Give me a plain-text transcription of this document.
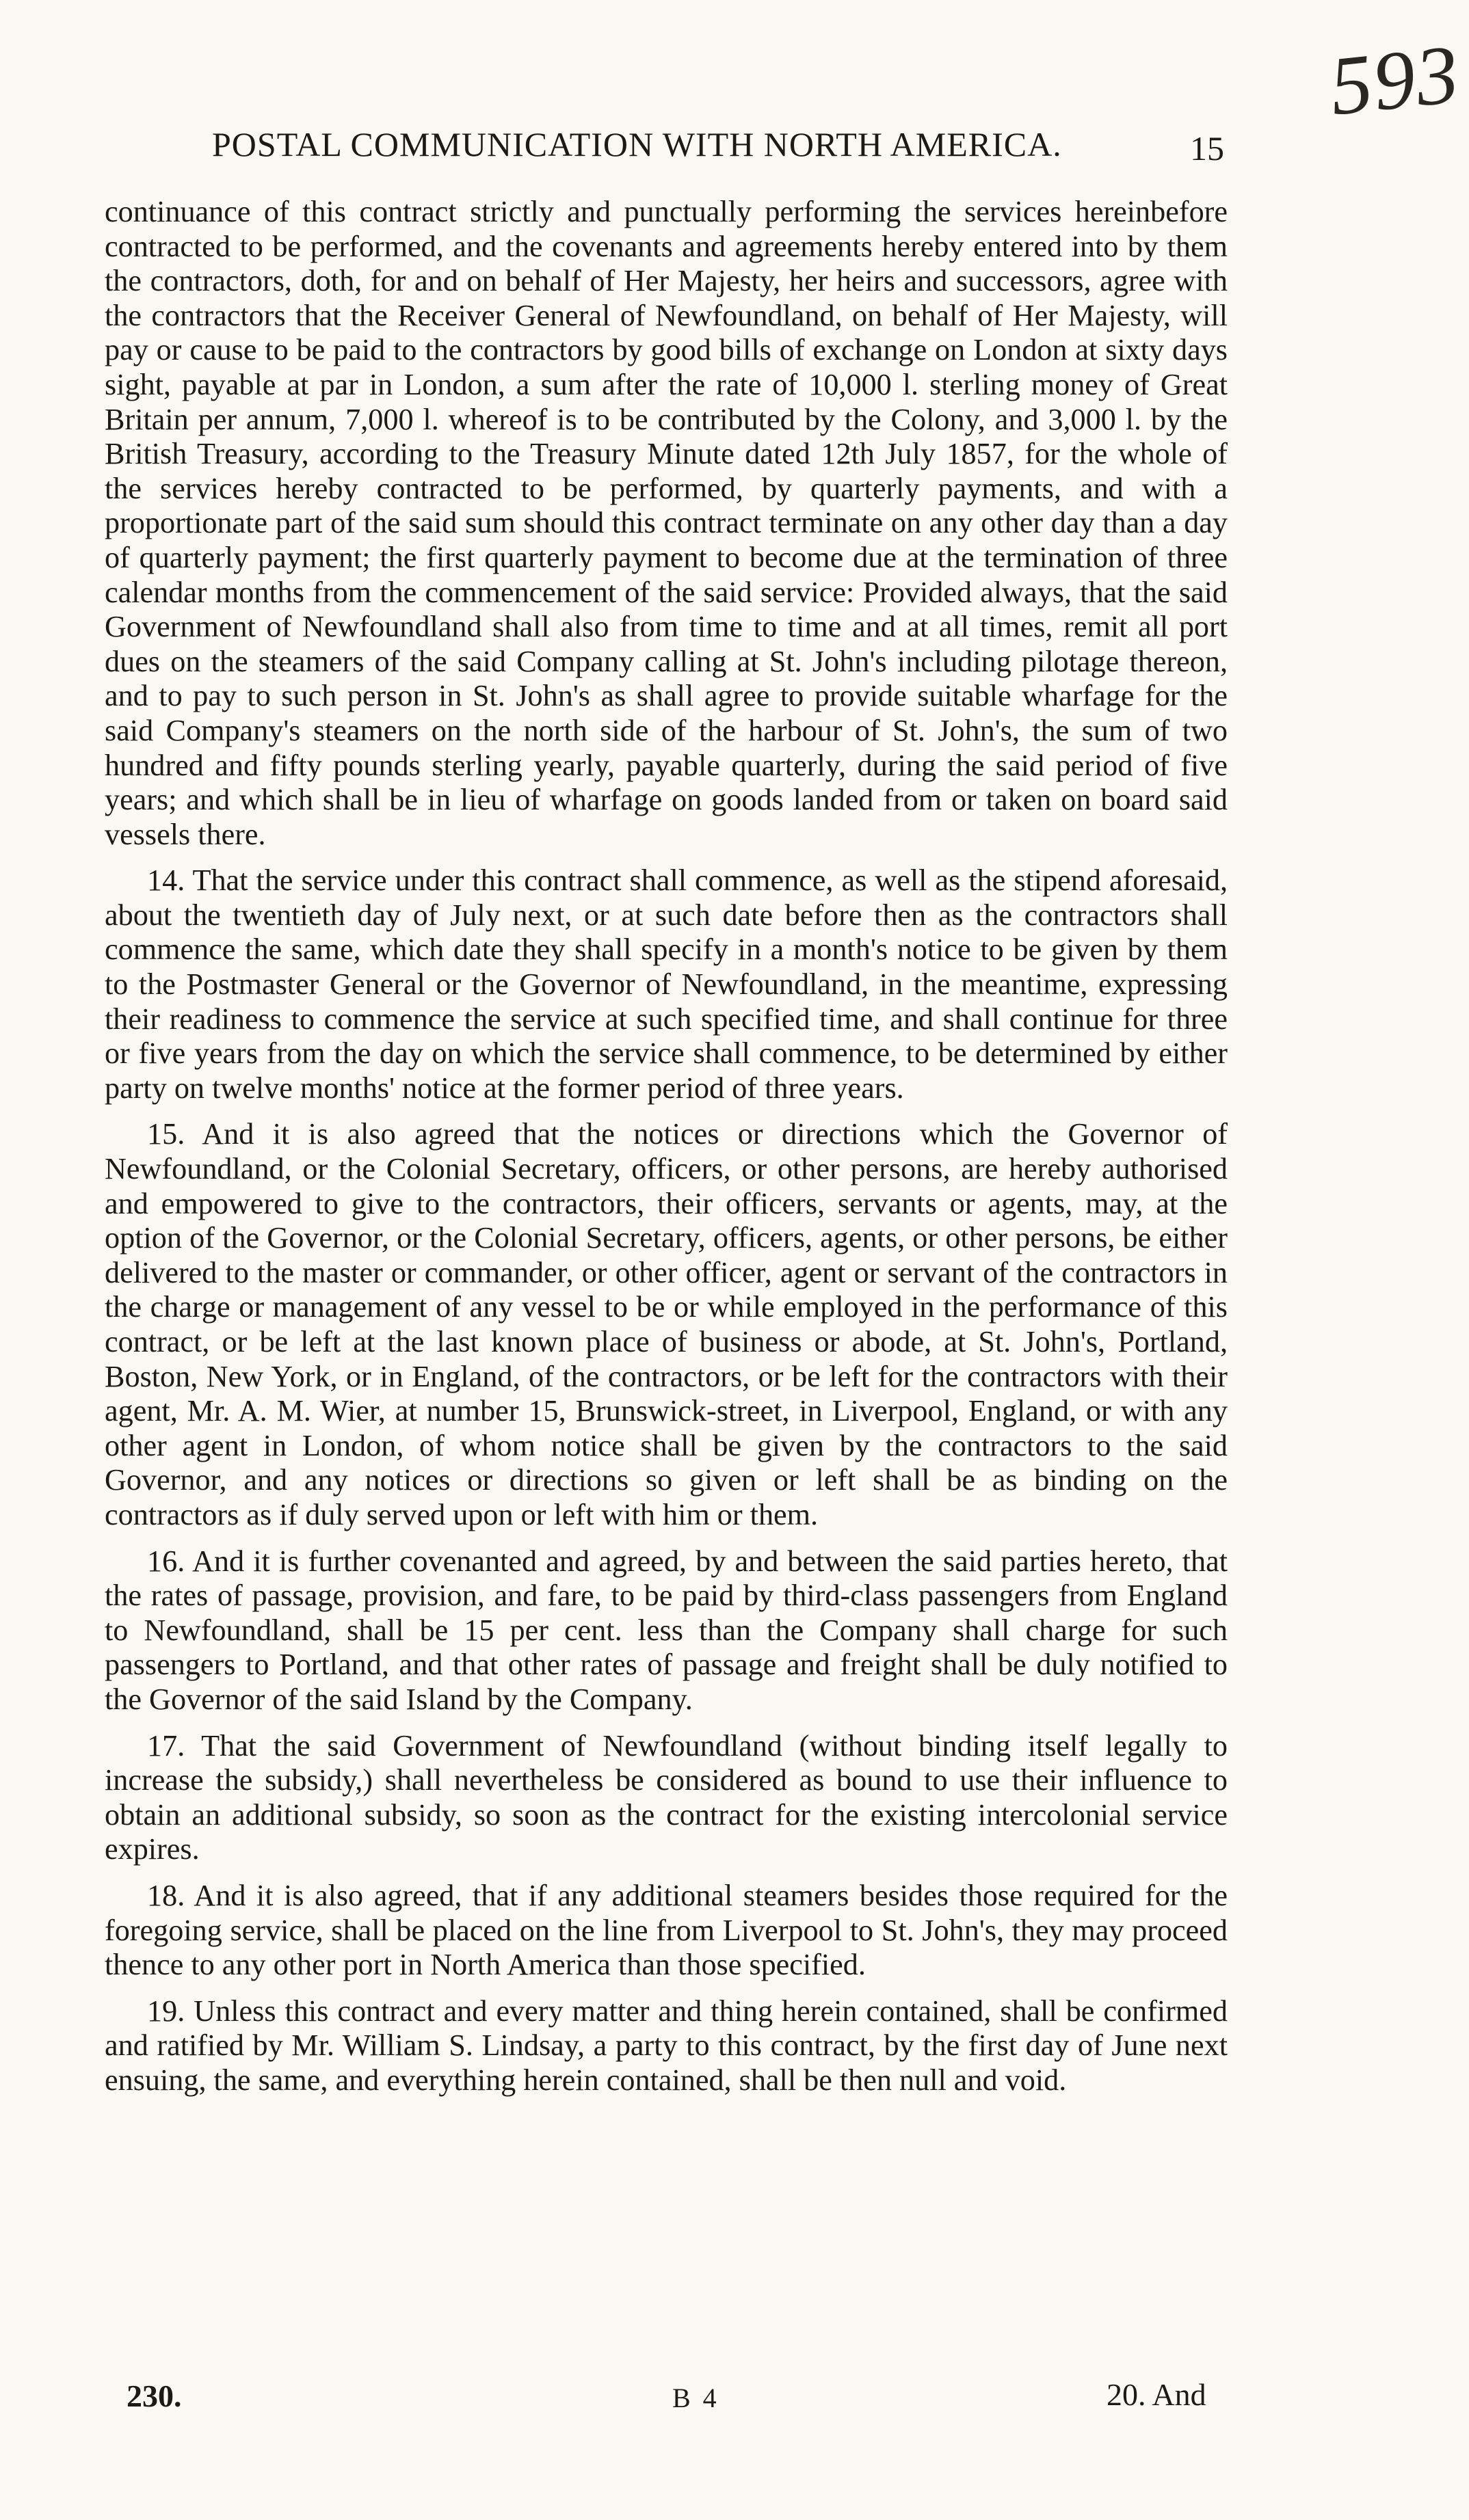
593
POSTAL COMMUNICATION WITH NORTH AMERICA.	15

continuance of this contract strictly and punctually performing the services hereinbefore contracted to be performed, and the covenants and agreements hereby entered into by them the contractors, doth, for and on behalf of Her Majesty, her heirs and successors, agree with the contractors that the Receiver General of Newfoundland, on behalf of Her Majesty, will pay or cause to be paid to the contractors by good bills of exchange on London at sixty days sight, payable at par in London, a sum after the rate of 10,000 l. sterling money of Great Britain per annum, 7,000 l. whereof is to be contributed by the Colony, and 3,000 l. by the British Treasury, according to the Treasury Minute dated 12th July 1857, for the whole of the services hereby contracted to be performed, by quarterly payments, and with a proportionate part of the said sum should this contract terminate on any other day than a day of quarterly payment; the first quarterly payment to become due at the termination of three calendar months from the commencement of the said service: Provided always, that the said Government of Newfoundland shall also from time to time and at all times, remit all port dues on the steamers of the said Company calling at St. John's including pilotage thereon, and to pay to such person in St. John's as shall agree to provide suitable wharfage for the said Company's steamers on the north side of the harbour of St. John's, the sum of two hundred and fifty pounds sterling yearly, payable quarterly, during the said period of five years; and which shall be in lieu of wharfage on goods landed from or taken on board said vessels there.

14. That the service under this contract shall commence, as well as the stipend aforesaid, about the twentieth day of July next, or at such date before then as the contractors shall commence the same, which date they shall specify in a month's notice to be given by them to the Postmaster General or the Governor of Newfoundland, in the meantime, expressing their readiness to commence the service at such specified time, and shall continue for three or five years from the day on which the service shall commence, to be determined by either party on twelve months' notice at the former period of three years.

15. And it is also agreed that the notices or directions which the Governor of Newfoundland, or the Colonial Secretary, officers, or other persons, are hereby authorised and empowered to give to the contractors, their officers, servants or agents, may, at the option of the Governor, or the Colonial Secretary, officers, agents, or other persons, be either delivered to the master or commander, or other officer, agent or servant of the contractors in the charge or management of any vessel to be or while employed in the performance of this contract, or be left at the last known place of business or abode, at St. John's, Portland, Boston, New York, or in England, of the contractors, or be left for the contractors with their agent, Mr. A. M. Wier, at number 15, Brunswick-street, in Liverpool, England, or with any other agent in London, of whom notice shall be given by the contractors to the said Governor, and any notices or directions so given or left shall be as binding on the contractors as if duly served upon or left with him or them.

16. And it is further covenanted and agreed, by and between the said parties hereto, that the rates of passage, provision, and fare, to be paid by third-class passengers from England to Newfoundland, shall be 15 per cent. less than the Company shall charge for such passengers to Portland, and that other rates of passage and freight shall be duly notified to the Governor of the said Island by the Company.

17. That the said Government of Newfoundland (without binding itself legally to increase the subsidy,) shall nevertheless be considered as bound to use their influence to obtain an additional subsidy, so soon as the contract for the existing intercolonial service expires.

18. And it is also agreed, that if any additional steamers besides those required for the foregoing service, shall be placed on the line from Liverpool to St. John's, they may proceed thence to any other port in North America than those specified.

19. Unless this contract and every matter and thing herein contained, shall be confirmed and ratified by Mr. William S. Lindsay, a party to this contract, by the first day of June next ensuing, the same, and everything herein contained, shall be then null and void.

230.	B 4	20. And
